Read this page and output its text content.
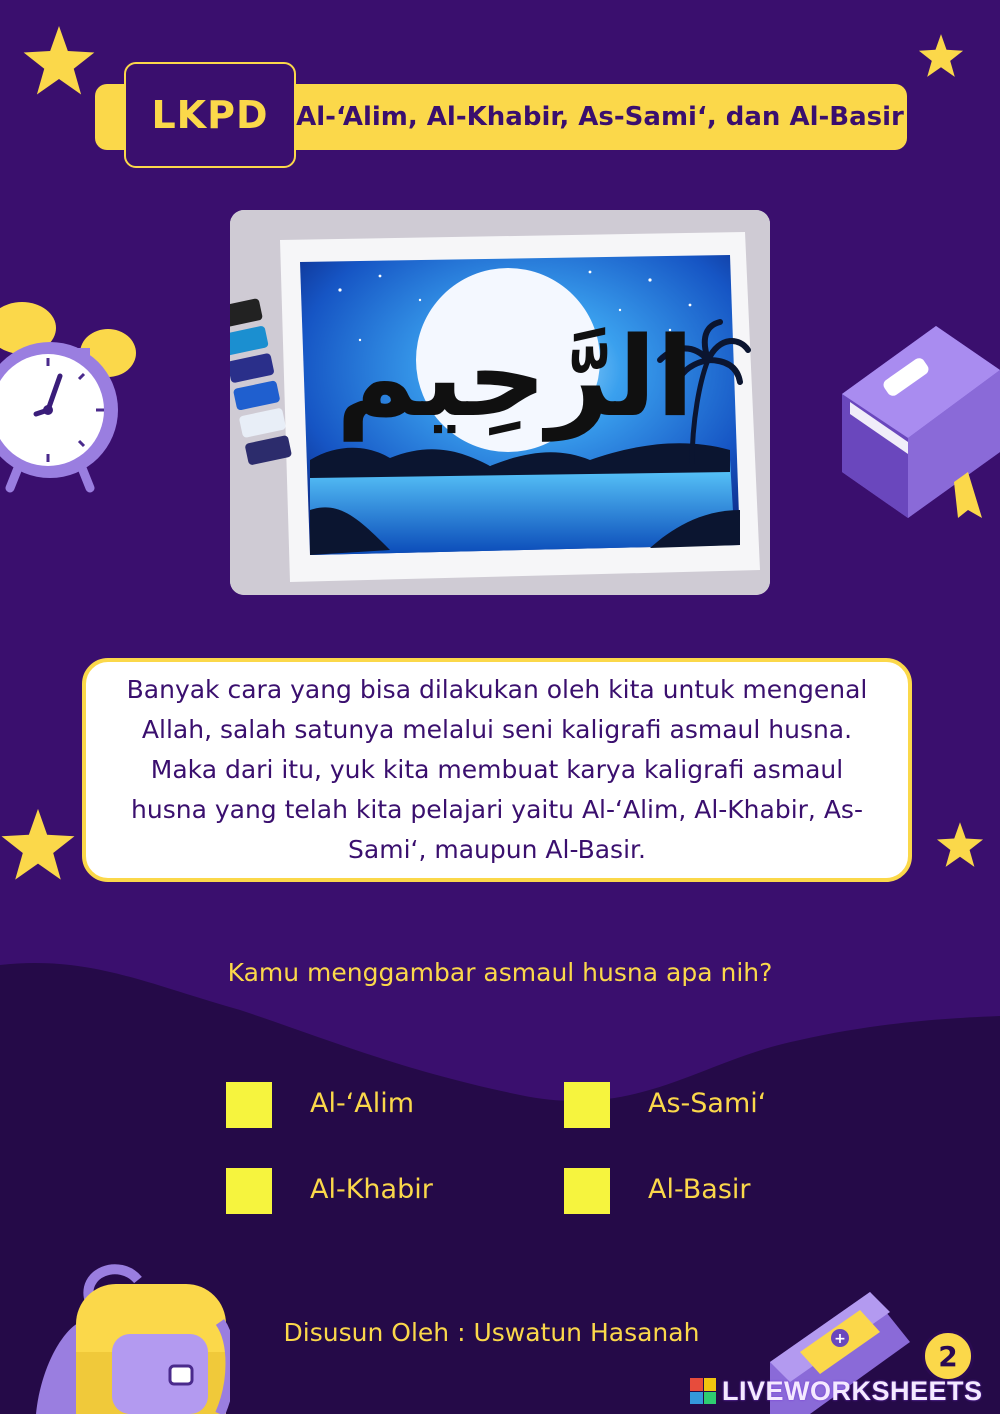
LKPD	Al-‘Alim, Al-Khabir, As-Sami‘, dan Al-Basir
الرَّحِيم

Banyak cara yang bisa dilakukan oleh kita untuk mengenal Allah, salah satunya melalui seni kaligrafi asmaul husna. Maka dari itu, yuk kita membuat karya kaligrafi asmaul husna yang telah kita pelajari yaitu Al-‘Alim, Al-Khabir, As-Sami‘, maupun Al-Basir.

Kamu menggambar asmaul husna apa nih?
Al-‘Alim	As-Sami‘
Al-Khabir	Al-Basir
Disusun Oleh : Uswatun Hasanah	+
2
LIVEWORKSHEETS
